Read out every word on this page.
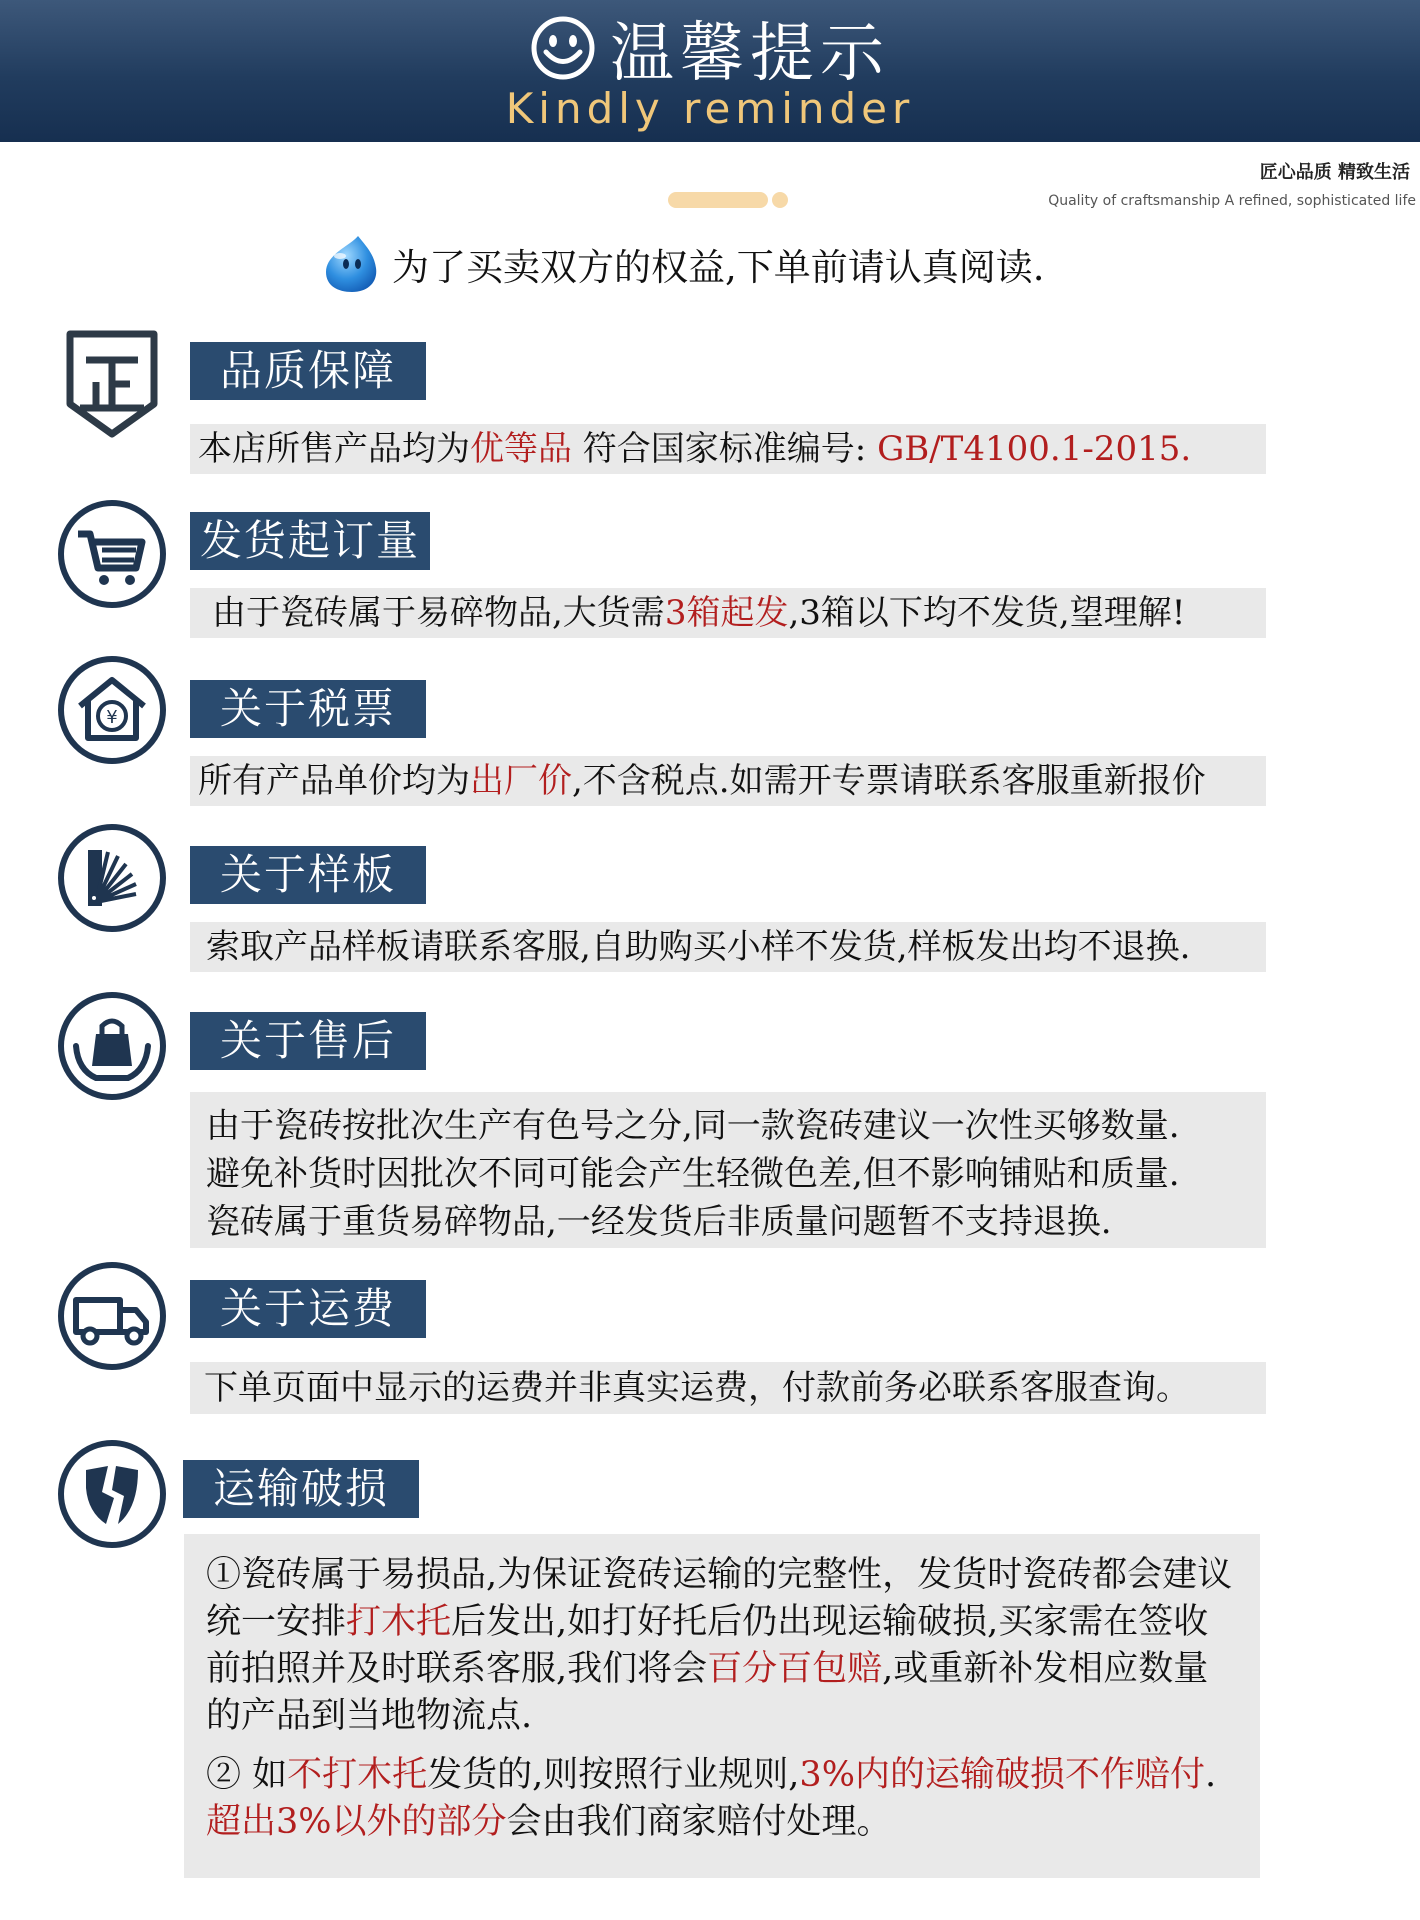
温馨提示
Kindly reminder
匠心品质 精致生活
Quality of craftsmanship A refined, sophisticated life
为了买卖双方的权益,下单前请认真阅读.
品质保障
本店所售产品均为优等品 符合国家标准编号: GB/T4100.1-2015.
发货起订量
由于瓷砖属于易碎物品,大货需3箱起发,3箱以下均不发货,望理解!
¥	关于税票
所有产品单价均为出厂价,不含税点.如需开专票请联系客服重新报价
关于样板
索取产品样板请联系客服,自助购买小样不发货,样板发出均不退换.
关于售后
由于瓷砖按批次生产有色号之分,同一款瓷砖建议一次性买够数量.
避免补货时因批次不同可能会产生轻微色差,但不影响铺贴和质量.
瓷砖属于重货易碎物品,一经发货后非质量问题暂不支持退换.
关于运费
下单页面中显示的运费并非真实运费，付款前务必联系客服查询。
运输破损

①瓷砖属于易损品,为保证瓷砖运输的完整性，发货时瓷砖都会建议统一安排打木托后发出,如打好托后仍出现运输破损,买家需在签收前拍照并及时联系客服,我们将会百分百包赔,或重新补发相应数量的产品到当地物流点.

② 如不打木托发货的,则按照行业规则,3%内的运输破损不作赔付.
超出3%以外的部分会由我们商家赔付处理。
